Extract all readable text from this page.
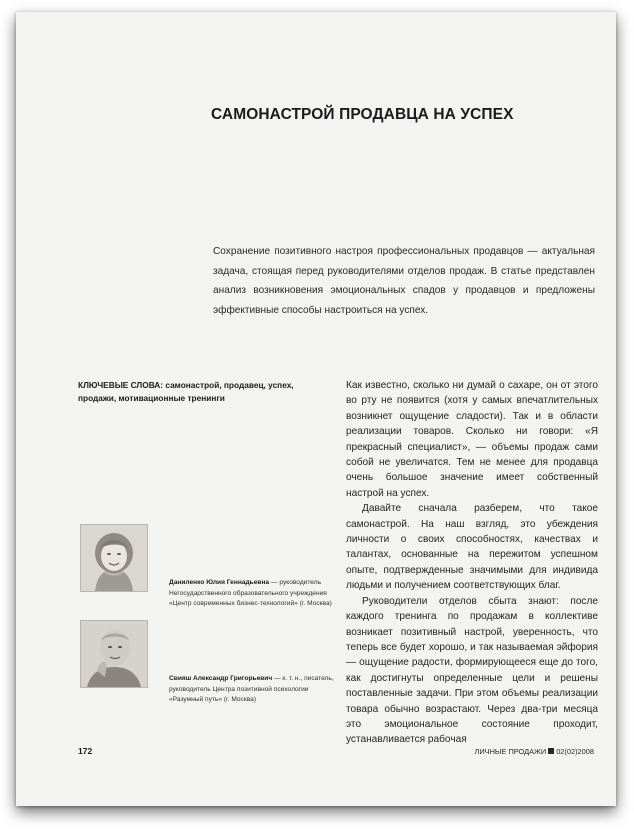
САМОНАСТРОЙ ПРОДАВЦА НА УСПЕХ
Сохранение позитивного настроя профессиональных продавцов — актуальная задача, стоящая перед руководителями отделов продаж. В статье представлен анализ возникновения эмоциональных спадов у продавцов и предложены эффективные способы настроиться на успех.
КЛЮЧЕВЫЕ СЛОВА: самонастрой, продавец, успех, продажи, мотивационные тренинги
Даниленко Юлия Геннадьевна — руководитель Негосударственного образовательного учреждения «Центр современных бизнес-технологий» (г. Москва)
Свияш Александр Григорьевич — к. т. н., писатель, руководитель Центра позитивной психологии «Разумный путь» (г. Москва)

Как известно, сколько ни думай о сахаре, он от этого во рту не появится (хотя у самых впечатлительных возникнет ощущение сладости). Так и в области реализации товаров. Сколько ни говори: «Я прекрасный специалист», — объемы продаж сами собой не увеличатся. Тем не менее для продавца очень большое значение имеет собственный настрой на успех.

Давайте сначала разберем, что такое самонастрой. На наш взгляд, это убеждения личности о своих способностях, качествах и талантах, основанные на пережитом успешном опыте, подтвержденные значимыми для индивида людьми и получением соответствующих благ.

Руководители отделов сбыта знают: после каждого тренинга по продажам в коллективе возникает позитивный настрой, уверенность, что теперь все будет хорошо, и так называемая эйфория — ощущение радости, формирующееся еще до того, как достигнуты определенные цели и решены поставленные задачи. При этом объемы реализации товара обычно возрастают. Через два-три месяца это эмоциональное состояние проходит, устанавливается рабочая

172	ЛИЧНЫЕ ПРОДАЖИ 02(02)2008
